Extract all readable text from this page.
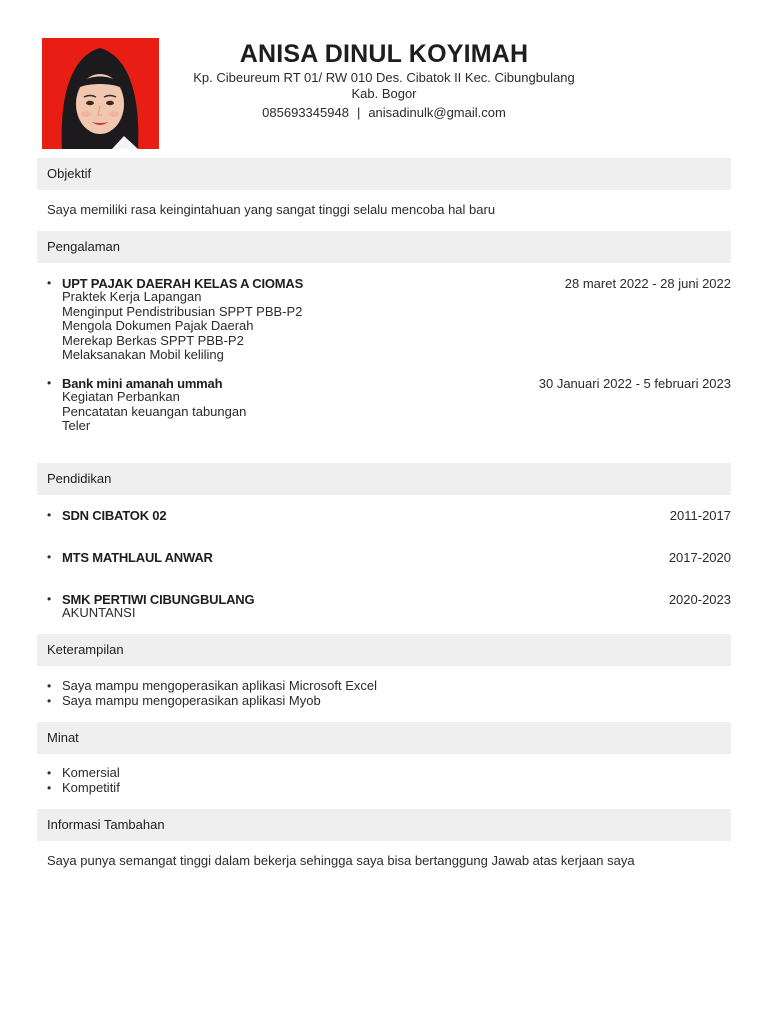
ANISA DINUL KOYIMAH
Kp. Cibeureum RT 01/ RW 010 Des. Cibatok II Kec. Cibungbulang
Kab. Bogor
085693345948 | anisadinulk@gmail.com
Objektif
Saya memiliki rasa keingintahuan yang sangat tinggi selalu mencoba hal baru
Pengalaman
• UPT PAJAK DAERAH KELAS A CIOMAS	28 maret 2022 - 28 juni 2022
Praktek Kerja Lapangan
Menginput Pendistribusian SPPT PBB-P2
Mengola Dokumen Pajak Daerah
Merekap Berkas SPPT PBB-P2
Melaksanakan Mobil keliling
• Bank mini amanah ummah	30 Januari 2022 - 5 februari 2023
Kegiatan Perbankan
Pencatatan keuangan tabungan
Teler
Pendidikan
• SDN CIBATOK 02	2011-2017
• MTS MATHLAUL ANWAR	2017-2020
• SMK PERTIWI CIBUNGBULANG	2020-2023
AKUNTANSI
Keterampilan
• Saya mampu mengoperasikan aplikasi Microsoft Excel
• Saya mampu mengoperasikan aplikasi Myob
Minat
• Komersial
• Kompetitif
Informasi Tambahan
Saya punya semangat tinggi dalam bekerja sehingga saya bisa bertanggung Jawab atas kerjaan saya
